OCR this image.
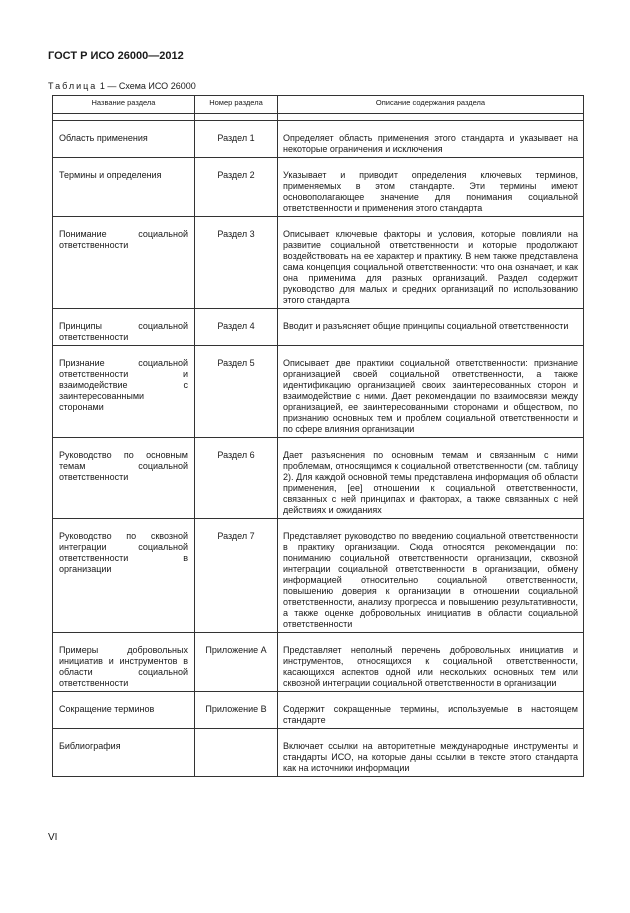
ГОСТ Р ИСО 26000—2012
Таблица 1 — Схема ИСО 26000
Название раздела	Номер раздела	Описание содержания раздела

Область применения	Раздел 1	Определяет область применения этого стандарта и указывает на некоторые ограничения и исключения
Термины и определения	Раздел 2	Указывает и приводит определения ключевых терминов, применяемых в этом стандарте. Эти термины имеют основополагающее значение для понимания социальной ответственности и применения этого стандарта
Понимание социальной ответственности	Раздел 3	Описывает ключевые факторы и условия, которые повлияли на развитие социальной ответственности и которые продолжают воздействовать на ее характер и практику. В нем также представлена сама концепция социальной ответственности: что она означает, и как она применима для разных организаций. Раздел содержит руководство для малых и средних организаций по использованию этого стандарта
Принципы социальной ответственности	Раздел 4	Вводит и разъясняет общие принципы социальной ответственности
Признание социальной ответственности и взаимодействие с заинтересованными сторонами	Раздел 5	Описывает две практики социальной ответственности: признание организацией своей социальной ответственности, а также идентификацию организацией своих заинтересованных сторон и взаимодействие с ними. Дает рекомендации по взаимосвязи между организацией, ее заинтересованными сторонами и обществом, по признанию основных тем и проблем социальной ответственности и по сфере влияния организации
Руководство по основным темам социальной ответственности	Раздел 6	Дает разъяснения по основным темам и связанным с ними проблемам, относящимся к социальной ответственности (см. таблицу 2). Для каждой основной темы представлена информация об области применения, [ее] отношении к социальной ответственности, связанных с ней принципах и факторах, а также связанных с ней действиях и ожиданиях
Руководство по сквозной интеграции социальной ответственности в организации	Раздел 7	Представляет руководство по введению социальной ответственности в практику организации. Сюда относятся рекомендации по: пониманию социальной ответственности организации, сквозной интеграции социальной ответственности в организации, обмену информацией относительно социальной ответственности, повышению доверия к организации в отношении социальной ответственности, анализу прогресса и повышению результативности, а также оценке добровольных инициатив в области социальной ответственности
Примеры добровольных инициатив и инструментов в области социальной ответственности	Приложение А	Представляет неполный перечень добровольных инициатив и инструментов, относящихся к социальной ответственности, касающихся аспектов одной или нескольких основных тем или сквозной интеграции социальной ответственности в организации
Сокращение терминов	Приложение В	Содержит сокращенные термины, используемые в настоящем стандарте
Библиография		Включает ссылки на авторитетные международные инструменты и стандарты ИСО, на которые даны ссылки в тексте этого стандарта как на источники информации
VI
